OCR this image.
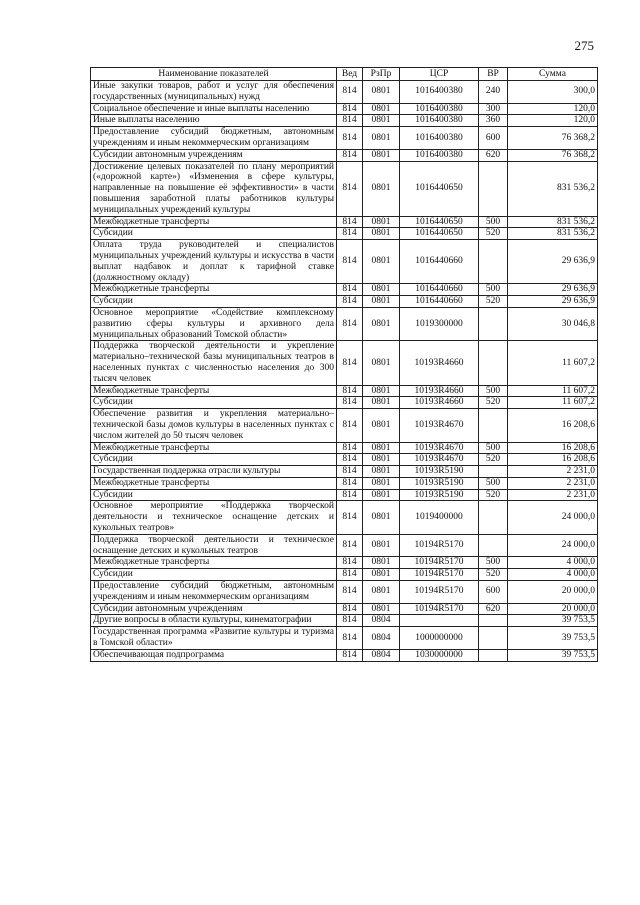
275
Наименование показателей	Вед	РзПр	ЦСР	ВР	Сумма
Иные закупки товаров, работ и услуг для обеспечения государственных (муниципальных) нужд	814	0801	1016400380	240	300,0
Социальное обеспечение и иные выплаты населению	814	0801	1016400380	300	120,0
Иные выплаты населению	814	0801	1016400380	360	120,0
Предоставление субсидий бюджетным, автономным учреждениям и иным некоммерческим организациям	814	0801	1016400380	600	76 368,2
Субсидии автономным учреждениям	814	0801	1016400380	620	76 368,2
Достижение целевых показателей по плану мероприятий («дорожной карте») «Изменения в сфере культуры, направленные на повышение её эффективности» в части повышения заработной платы работников культуры муниципальных учреждений культуры	814	0801	1016440650		831 536,2
Межбюджетные трансферты	814	0801	1016440650	500	831 536,2
Субсидии	814	0801	1016440650	520	831 536,2
Оплата труда руководителей и специалистов муниципальных учреждений культуры и искусства в части выплат надбавок и доплат к тарифной ставке (должностному окладу)	814	0801	1016440660		29 636,9
Межбюджетные трансферты	814	0801	1016440660	500	29 636,9
Субсидии	814	0801	1016440660	520	29 636,9
Основное мероприятие «Содействие комплексному развитию сферы культуры и архивного дела муниципальных образований Томской области»	814	0801	1019300000		30 046,8
Поддержка творческой деятельности и укрепление материально–технической базы муниципальных театров в населенных пунктах с численностью населения до 300 тысяч человек	814	0801	10193R4660		11 607,2
Межбюджетные трансферты	814	0801	10193R4660	500	11 607,2
Субсидии	814	0801	10193R4660	520	11 607,2
Обеспечение развития и укрепления материально–технической базы домов культуры в населенных пунктах с числом жителей до 50 тысяч человек	814	0801	10193R4670		16 208,6
Межбюджетные трансферты	814	0801	10193R4670	500	16 208,6
Субсидии	814	0801	10193R4670	520	16 208,6
Государственная поддержка отрасли культуры	814	0801	10193R5190		2 231,0
Межбюджетные трансферты	814	0801	10193R5190	500	2 231,0
Субсидии	814	0801	10193R5190	520	2 231,0
Основное мероприятие «Поддержка творческой деятельности и техническое оснащение детских и кукольных театров»	814	0801	1019400000		24 000,0
Поддержка творческой деятельности и техническое оснащение детских и кукольных театров	814	0801	10194R5170		24 000,0
Межбюджетные трансферты	814	0801	10194R5170	500	4 000,0
Субсидии	814	0801	10194R5170	520	4 000,0
Предоставление субсидий бюджетным, автономным учреждениям и иным некоммерческим организациям	814	0801	10194R5170	600	20 000,0
Субсидии автономным учреждениям	814	0801	10194R5170	620	20 000,0
Другие вопросы в области культуры, кинематографии	814	0804			39 753,5
Государственная программа «Развитие культуры и туризма в Томской области»	814	0804	1000000000		39 753,5
Обеспечивающая подпрограмма	814	0804	1030000000		39 753,5
